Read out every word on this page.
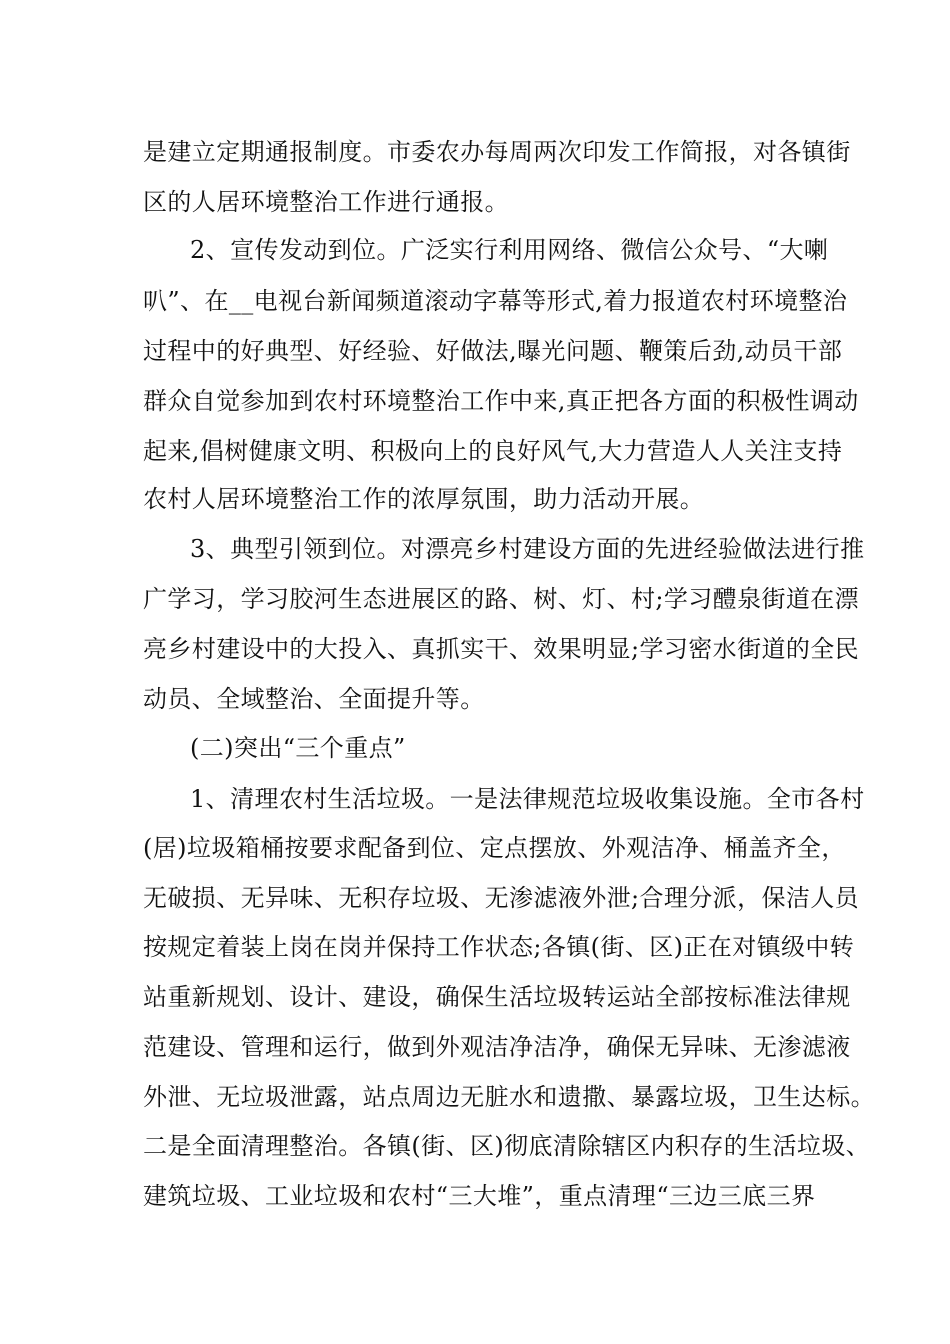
是建立定期通报制度。市委农办每周两次印发工作简报，对各镇街
区的人居环境整治工作进行通报。
2、宣传发动到位。广泛实行利用网络、微信公众号、“大喇
叭”、在__电视台新闻频道滚动字幕等形式,着力报道农村环境整治
过程中的好典型、好经验、好做法,曝光问题、鞭策后劲,动员干部
群众自觉参加到农村环境整治工作中来,真正把各方面的积极性调动
起来,倡树健康文明、积极向上的良好风气,大力营造人人关注支持
农村人居环境整治工作的浓厚氛围，助力活动开展。
3、典型引领到位。对漂亮乡村建设方面的先进经验做法进行推
广学习，学习胶河生态进展区的路、树、灯、村;学习醴泉街道在漂
亮乡村建设中的大投入、真抓实干、效果明显;学习密水街道的全民
动员、全域整治、全面提升等。
(二)突出“三个重点”
1、清理农村生活垃圾。一是法律规范垃圾收集设施。全市各村
(居)垃圾箱桶按要求配备到位、定点摆放、外观洁净、桶盖齐全，
无破损、无异味、无积存垃圾、无渗滤液外泄;合理分派，保洁人员
按规定着装上岗在岗并保持工作状态;各镇(街、区)正在对镇级中转
站重新规划、设计、建设，确保生活垃圾转运站全部按标准法律规
范建设、管理和运行，做到外观洁净洁净，确保无异味、无渗滤液
外泄、无垃圾泄露，站点周边无脏水和遗撒、暴露垃圾，卫生达标。
二是全面清理整治。各镇(街、区)彻底清除辖区内积存的生活垃圾、
建筑垃圾、工业垃圾和农村“三大堆”，重点清理“三边三底三界
